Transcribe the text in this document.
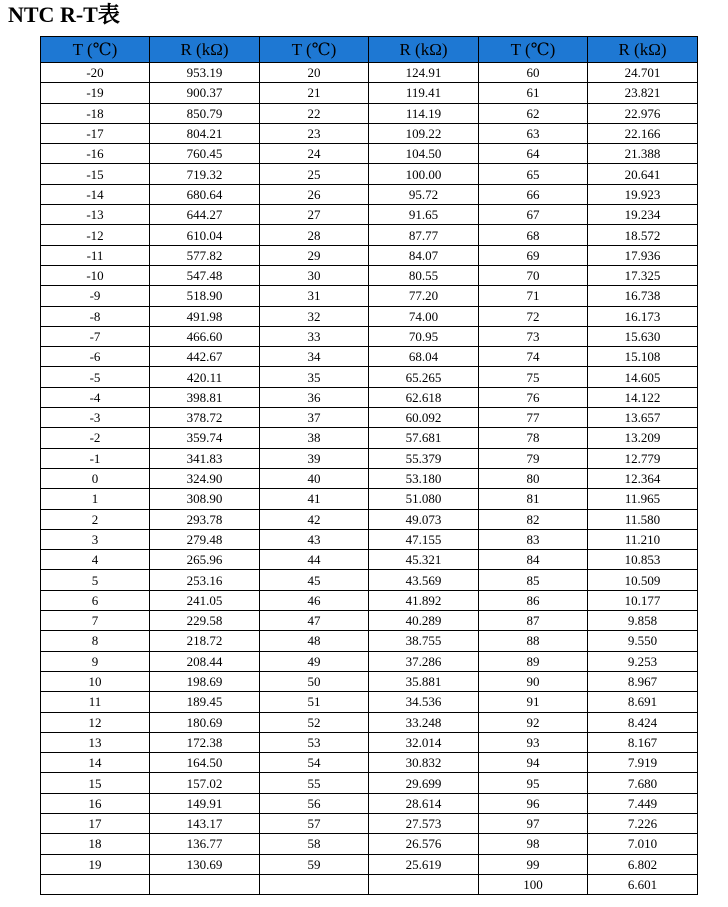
NTC R-T表
T (℃)	R (kΩ)	T (℃)	R (kΩ)	T (℃)	R (kΩ)
-20	953.19	20	124.91	60	24.701
-19	900.37	21	119.41	61	23.821
-18	850.79	22	114.19	62	22.976
-17	804.21	23	109.22	63	22.166
-16	760.45	24	104.50	64	21.388
-15	719.32	25	100.00	65	20.641
-14	680.64	26	95.72	66	19.923
-13	644.27	27	91.65	67	19.234
-12	610.04	28	87.77	68	18.572
-11	577.82	29	84.07	69	17.936
-10	547.48	30	80.55	70	17.325
-9	518.90	31	77.20	71	16.738
-8	491.98	32	74.00	72	16.173
-7	466.60	33	70.95	73	15.630
-6	442.67	34	68.04	74	15.108
-5	420.11	35	65.265	75	14.605
-4	398.81	36	62.618	76	14.122
-3	378.72	37	60.092	77	13.657
-2	359.74	38	57.681	78	13.209
-1	341.83	39	55.379	79	12.779
0	324.90	40	53.180	80	12.364
1	308.90	41	51.080	81	11.965
2	293.78	42	49.073	82	11.580
3	279.48	43	47.155	83	11.210
4	265.96	44	45.321	84	10.853
5	253.16	45	43.569	85	10.509
6	241.05	46	41.892	86	10.177
7	229.58	47	40.289	87	9.858
8	218.72	48	38.755	88	9.550
9	208.44	49	37.286	89	9.253
10	198.69	50	35.881	90	8.967
11	189.45	51	34.536	91	8.691
12	180.69	52	33.248	92	8.424
13	172.38	53	32.014	93	8.167
14	164.50	54	30.832	94	7.919
15	157.02	55	29.699	95	7.680
16	149.91	56	28.614	96	7.449
17	143.17	57	27.573	97	7.226
18	136.77	58	26.576	98	7.010
19	130.69	59	25.619	99	6.802
				100	6.601
